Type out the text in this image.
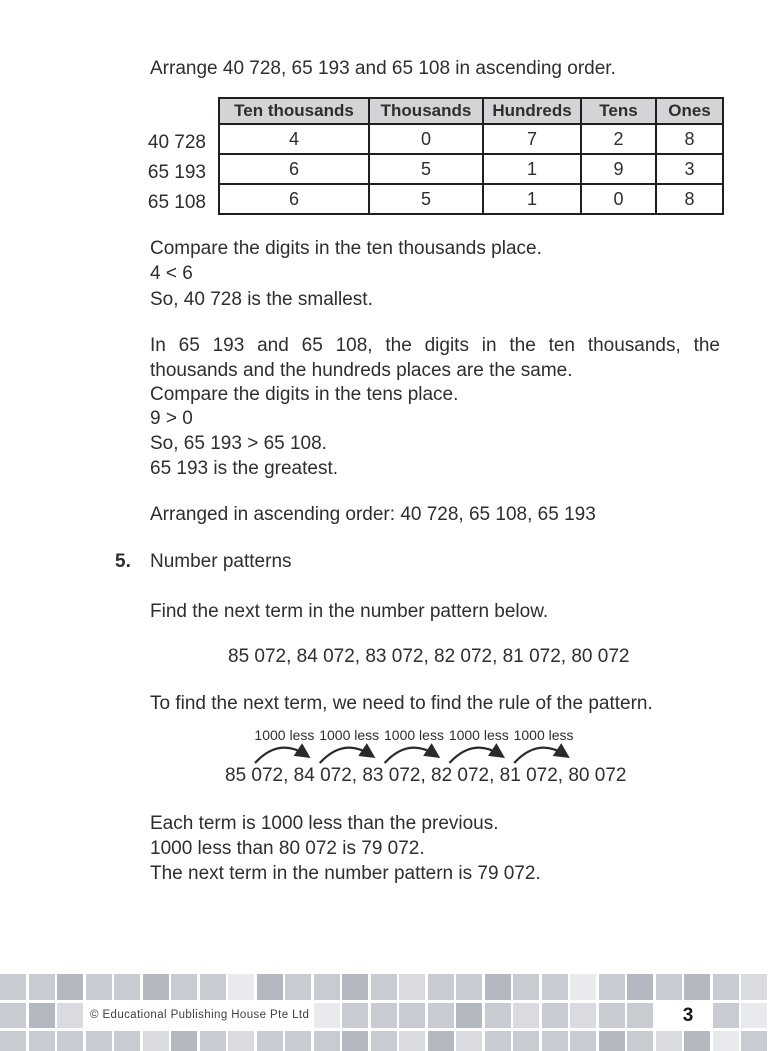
Arrange 40 728, 65 193 and 65 108 in ascending order.
40 728
65 193
65 108
Ten thousands	Thousands	Hundreds	Tens	Ones
4	0	7	2	8
6	5	1	9	3
6	5	1	0	8
Compare the digits in the ten thousands place.
4 < 6
So, 40 728 is the smallest.
In 65 193 and 65 108, the digits in the ten thousands, the
thousands and the hundreds places are the same.
Compare the digits in the tens place.
9 > 0
So, 65 193 > 65 108.
65 193 is the greatest.
Arranged in ascending order: 40 728, 65 108, 65 193
5. Number patterns
Find the next term in the number pattern below.
85 072, 84 072, 83 072, 82 072, 81 072, 80 072
To find the next term, we need to find the rule of the pattern.
1000 less 1000 less 1000 less 1000 less 1000 less
85 072, 84 072, 83 072, 82 072, 81 072, 80 072
Each term is 1000 less than the previous.
1000 less than 80 072 is 79 072.
The next term in the number pattern is 79 072.
© Educational Publishing House Pte Ltd	3
